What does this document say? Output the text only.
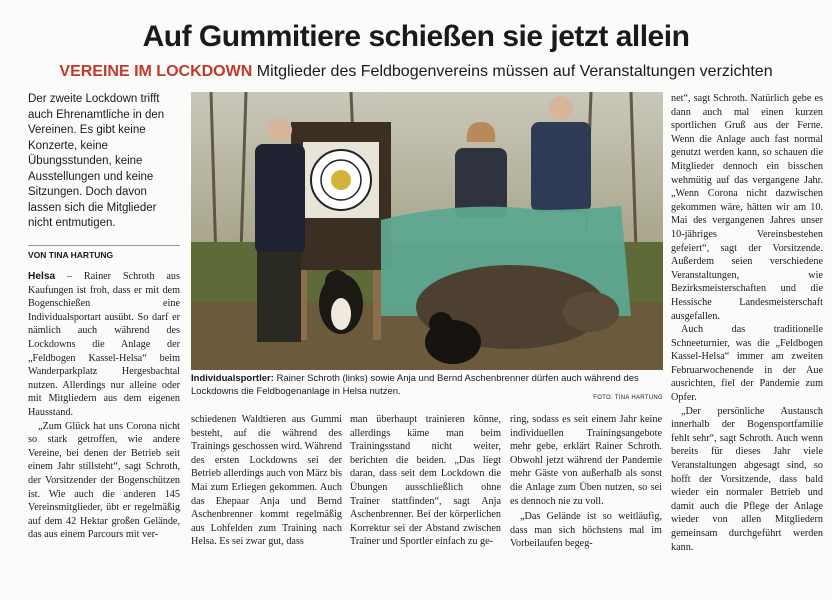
Auf Gummitiere schießen sie jetzt allein
VEREINE IM LOCKDOWN Mitglieder des Feldbogenvereins müssen auf Veranstaltungen verzichten
Der zweite Lockdown trifft auch Ehrenamtliche in den Vereinen. Es gibt keine Konzerte, keine Übungsstunden, keine Ausstellungen und keine Sitzungen. Doch davon lassen sich die Mitglieder nicht entmutigen.
VON TINA HARTUNG

Helsa – Rainer Schroth aus Kaufungen ist froh, dass er mit dem Bogenschießen eine Individualsportart ausübt. So darf er nämlich auch während des Lockdowns die Anlage der „Feldbogen Kassel-Helsa“ beim Wanderparkplatz Hergesbachtal nutzen. Allerdings nur alleine oder mit Mitgliedern aus dem eigenen Hausstand.

„Zum Glück hat uns Corona nicht so stark getroffen, wie andere Vereine, bei denen der Betrieb seit einem Jahr stillsteht“, sagt Schroth, der Vorsitzender der Bogenschützen ist. Wie auch die anderen 145 Vereinsmitglieder, übt er regelmäßig auf dem 42 Hektar großen Gelände, das aus einem Parcours mit ver-

schiedenen Waldtieren aus Gummi besteht, auf die während des Trainings geschossen wird. Während des ersten Lockdowns sei der Betrieb allerdings auch von März bis Mai zum Erliegen gekommen. Auch das Ehepaar Anja und Bernd Aschenbrenner kommt regelmäßig aus Lohfelden zum Training nach Helsa. Es sei zwar gut, dass

man überhaupt trainieren könne, allerdings käme man beim Trainingsstand nicht weiter, berichten die beiden. „Das liegt daran, dass seit dem Lockdown die Übungen ausschließlich ohne Trainer stattfinden“, sagt Anja Aschenbrenner. Bei der körperlichen Korrektur sei der Abstand zwischen Trainer und Sportler einfach zu ge-

ring, sodass es seit einem Jahr keine individuellen Trainingsangebote mehr gebe, erklärt Rainer Schroth. Obwohl jetzt während der Pandemie mehr Gäste von außerhalb als sonst die Anlage zum Üben nutzen, so sei es dennoch nie zu voll.

„Das Gelände ist so weitläufig, dass man sich höchstens mal im Vorbeilaufen begeg-

net“, sagt Schroth. Natürlich gebe es dann auch mal einen kurzen sportlichen Gruß aus der Ferne. Wenn die Anlage auch fast normal genutzt werden kann, so schauen die Mitglieder dennoch ein bisschen wehmütig auf das vergangene Jahr. „Wenn Corona nicht dazwischen gekommen wäre, hätten wir am 10. Mai des vergangenen Jahres unser 10-jähriges Vereinsbestehen gefeiert“, sagt der Vorsitzende. Außerdem seien verschiedene Veranstaltungen, wie Bezirksmeisterschaften und die Hessische Landesmeisterschaft ausgefallen.

Auch das traditionelle Schneeturnier, was die „Feldbogen Kassel-Helsa“ immer am zweiten Februarwochenende in der Aue ausrichten, fiel der Pandemie zum Opfer.

„Der persönliche Austausch innerhalb der Bogensportfamilie fehlt sehr“, sagt Schroth. Auch wenn bereits für dieses Jahr viele Veranstaltungen abgesagt sind, so hofft der Vorsitzende, dass bald wieder ein normaler Betrieb und damit auch die Pflege der Anlage wieder von allen Mitgliedern gemeinsam durchgeführt werden kann.

Individualsportler: Rainer Schroth (links) sowie Anja und Bernd Aschenbrenner dürfen auch während des Lockdowns die Feldbogenanlage in Helsa nutzen.
FOTO: TINA HARTUNG
